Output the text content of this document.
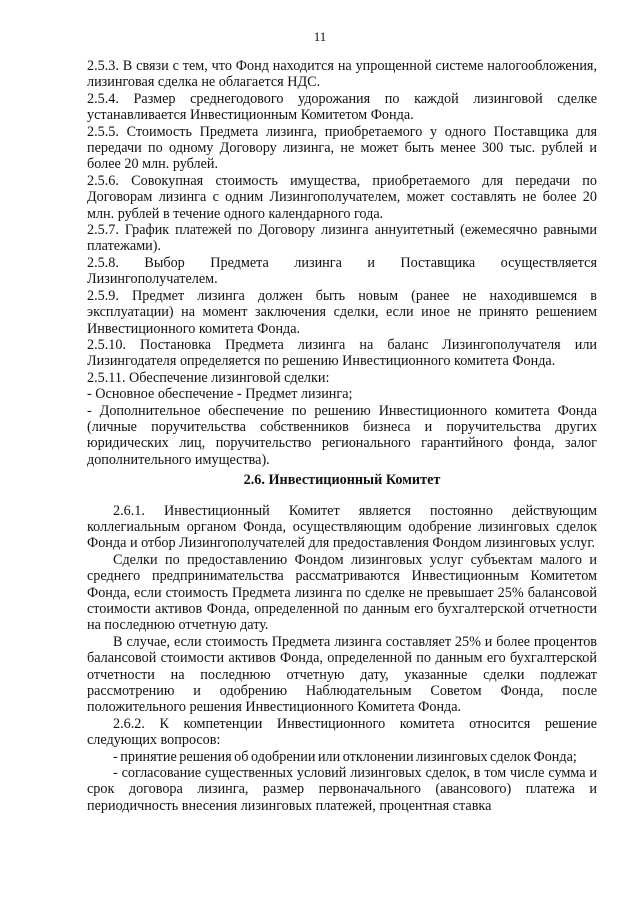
11

2.5.3. В связи с тем, что Фонд находится на упрощенной системе налогообложения, лизинговая сделка не облагается НДС.

2.5.4. Размер среднегодового удорожания по каждой лизинговой сделке устанавливается Инвестиционным Комитетом Фонда.

2.5.5. Стоимость Предмета лизинга, приобретаемого у одного Поставщика для передачи по одному Договору лизинга, не может быть менее 300 тыс. рублей и более 20 млн. рублей.

2.5.6. Совокупная стоимость имущества, приобретаемого для передачи по Договорам лизинга с одним Лизингополучателем, может составлять не более 20 млн. рублей в течение одного календарного года.

2.5.7. График платежей по Договору лизинга аннуитетный (ежемесячно равными платежами).

2.5.8. Выбор Предмета лизинга и Поставщика осуществляется Лизингополучателем.

2.5.9. Предмет лизинга должен быть новым (ранее не находившемся в эксплуатации) на момент заключения сделки, если иное не принято решением Инвестиционного комитета Фонда.

2.5.10. Постановка Предмета лизинга на баланс Лизингополучателя или Лизингодателя определяется по решению Инвестиционного комитета Фонда.

2.5.11. Обеспечение лизинговой сделки:

- Основное обеспечение - Предмет лизинга;

- Дополнительное обеспечение по решению Инвестиционного комитета Фонда (личные поручительства собственников бизнеса и поручительства других юридических лиц, поручительство регионального гарантийного фонда, залог дополнительного имущества).

2.6. Инвестиционный Комитет

2.6.1. Инвестиционный Комитет является постоянно действующим коллегиальным органом Фонда, осуществляющим одобрение лизинговых сделок Фонда и отбор Лизингополучателей для предоставления Фондом лизинговых услуг.

Сделки по предоставлению Фондом лизинговых услуг субъектам малого и среднего предпринимательства рассматриваются Инвестиционным Комитетом Фонда, если стоимость Предмета лизинга по сделке не превышает 25% балансовой стоимости активов Фонда, определенной по данным его бухгалтерской отчетности на последнюю отчетную дату.

В случае, если стоимость Предмета лизинга составляет 25% и более процентов балансовой стоимости активов Фонда, определенной по данным его бухгалтерской отчетности на последнюю отчетную дату, указанные сделки подлежат рассмотрению и одобрению Наблюдательным Советом Фонда, после положительного решения Инвестиционного Комитета Фонда.

2.6.2. К компетенции Инвестиционного комитета относится решение следующих вопросов:

- принятие решения об одобрении или отклонении лизинговых сделок Фонда;

- согласование существенных условий лизинговых сделок, в том числе сумма и срок договора лизинга, размер первоначального (авансового) платежа и периодичность внесения лизинговых платежей, процентная ставка
